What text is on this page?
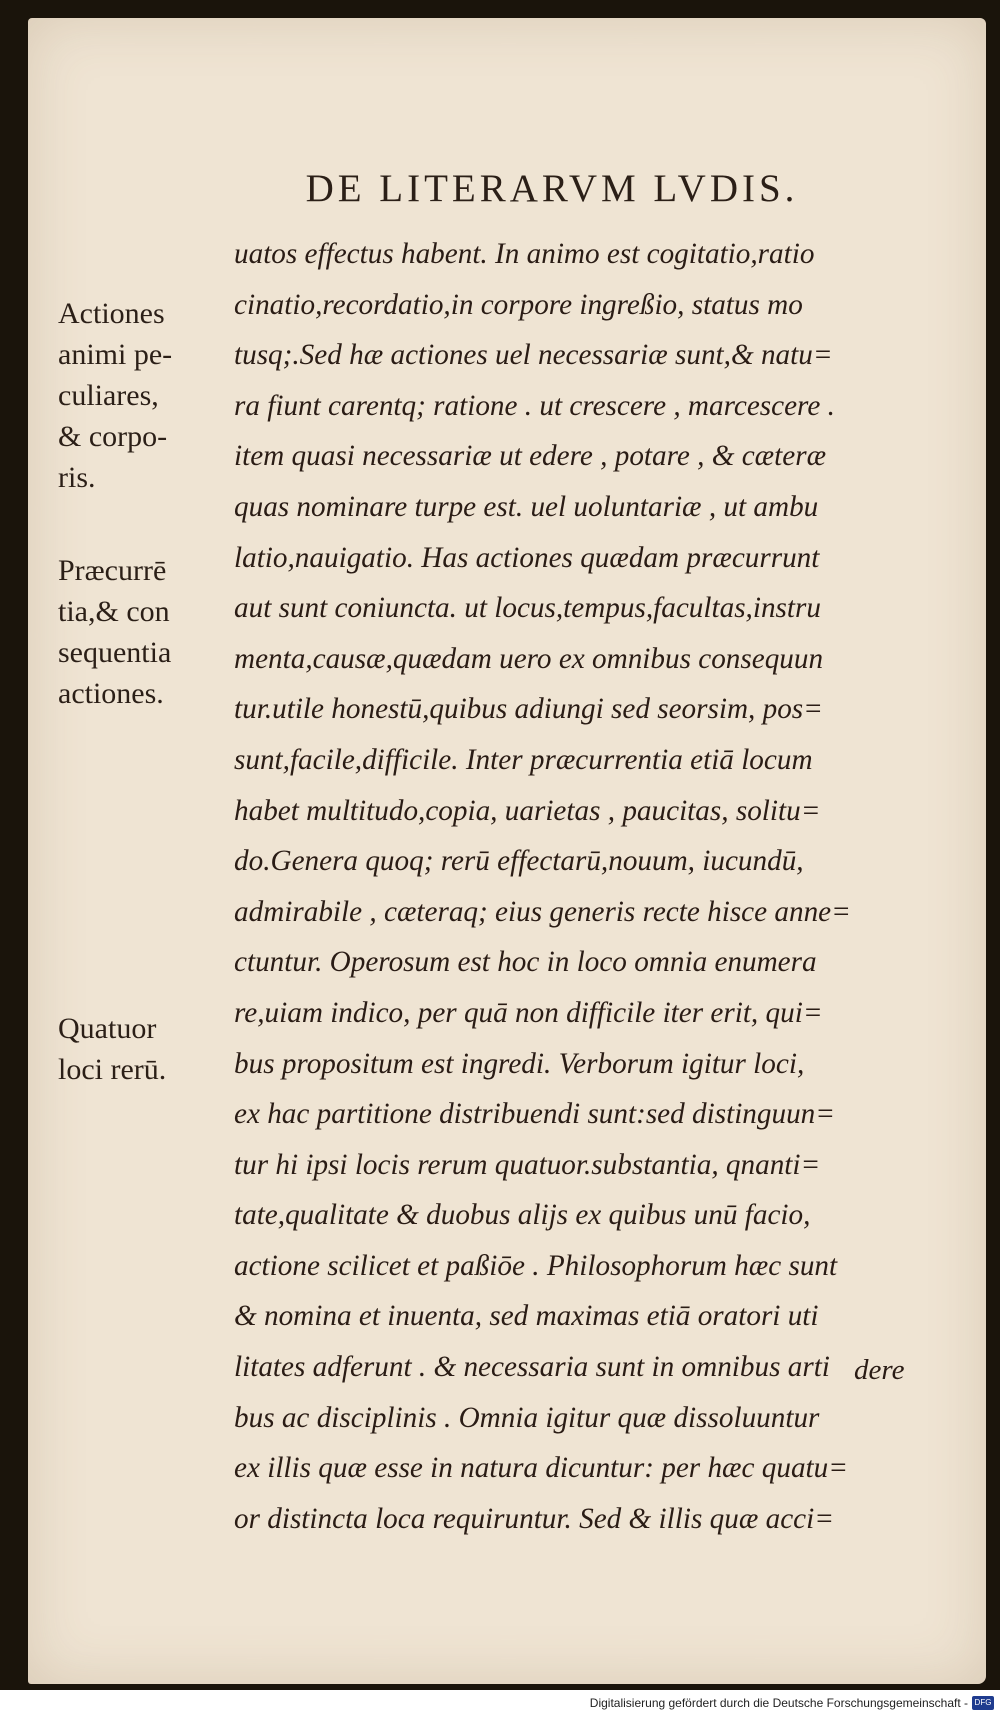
DE LITERARVM LVDIS.
Actiones
animi pe-
culiares,
& corpo-
ris.
Præcurrē
tia,& con
sequentia
actiones.
Quatuor
loci rerū.
uatos effectus habent. In animo est cogitatio,ratio
cinatio,recordatio,in corpore ingreßio, status mo
tusq;.Sed hæ actiones uel necessariæ sunt,& natu=
ra fiunt carentq; ratione . ut crescere , marcescere .
item quasi necessariæ ut edere , potare , & cæteræ
quas nominare turpe est. uel uoluntariæ , ut ambu
latio,nauigatio. Has actiones quædam præcurrunt
aut sunt coniuncta. ut locus,tempus,facultas,instru
menta,causæ,quædam uero ex omnibus consequun
tur.utile honestū,quibus adiungi sed seorsim, pos=
sunt,facile,difficile. Inter præcurrentia etiā locum
habet multitudo,copia, uarietas , paucitas, solitu=
do.Genera quoq; rerū effectarū,nouum, iucundū,
admirabile , cæteraq; eius generis recte hisce anne=
ctuntur. Operosum est hoc in loco omnia enumera
re,uiam indico, per quā non difficile iter erit, qui=
bus propositum est ingredi. Verborum igitur loci,
ex hac partitione distribuendi sunt:sed distinguun=
tur hi ipsi locis rerum quatuor.substantia, qnanti=
tate,qualitate & duobus alijs ex quibus unū facio,
actione scilicet et paßiōe . Philosophorum hæc sunt
& nomina et inuenta, sed maximas etiā oratori uti
litates adferunt . & necessaria sunt in omnibus arti
bus ac disciplinis . Omnia igitur quæ dissoluuntur
ex illis quæ esse in natura dicuntur: per hæc quatu=
or distincta loca requiruntur. Sed & illis quæ acci=
dere
Digitalisierung gefördert durch die Deutsche Forschungsgemeinschaft - DFG
